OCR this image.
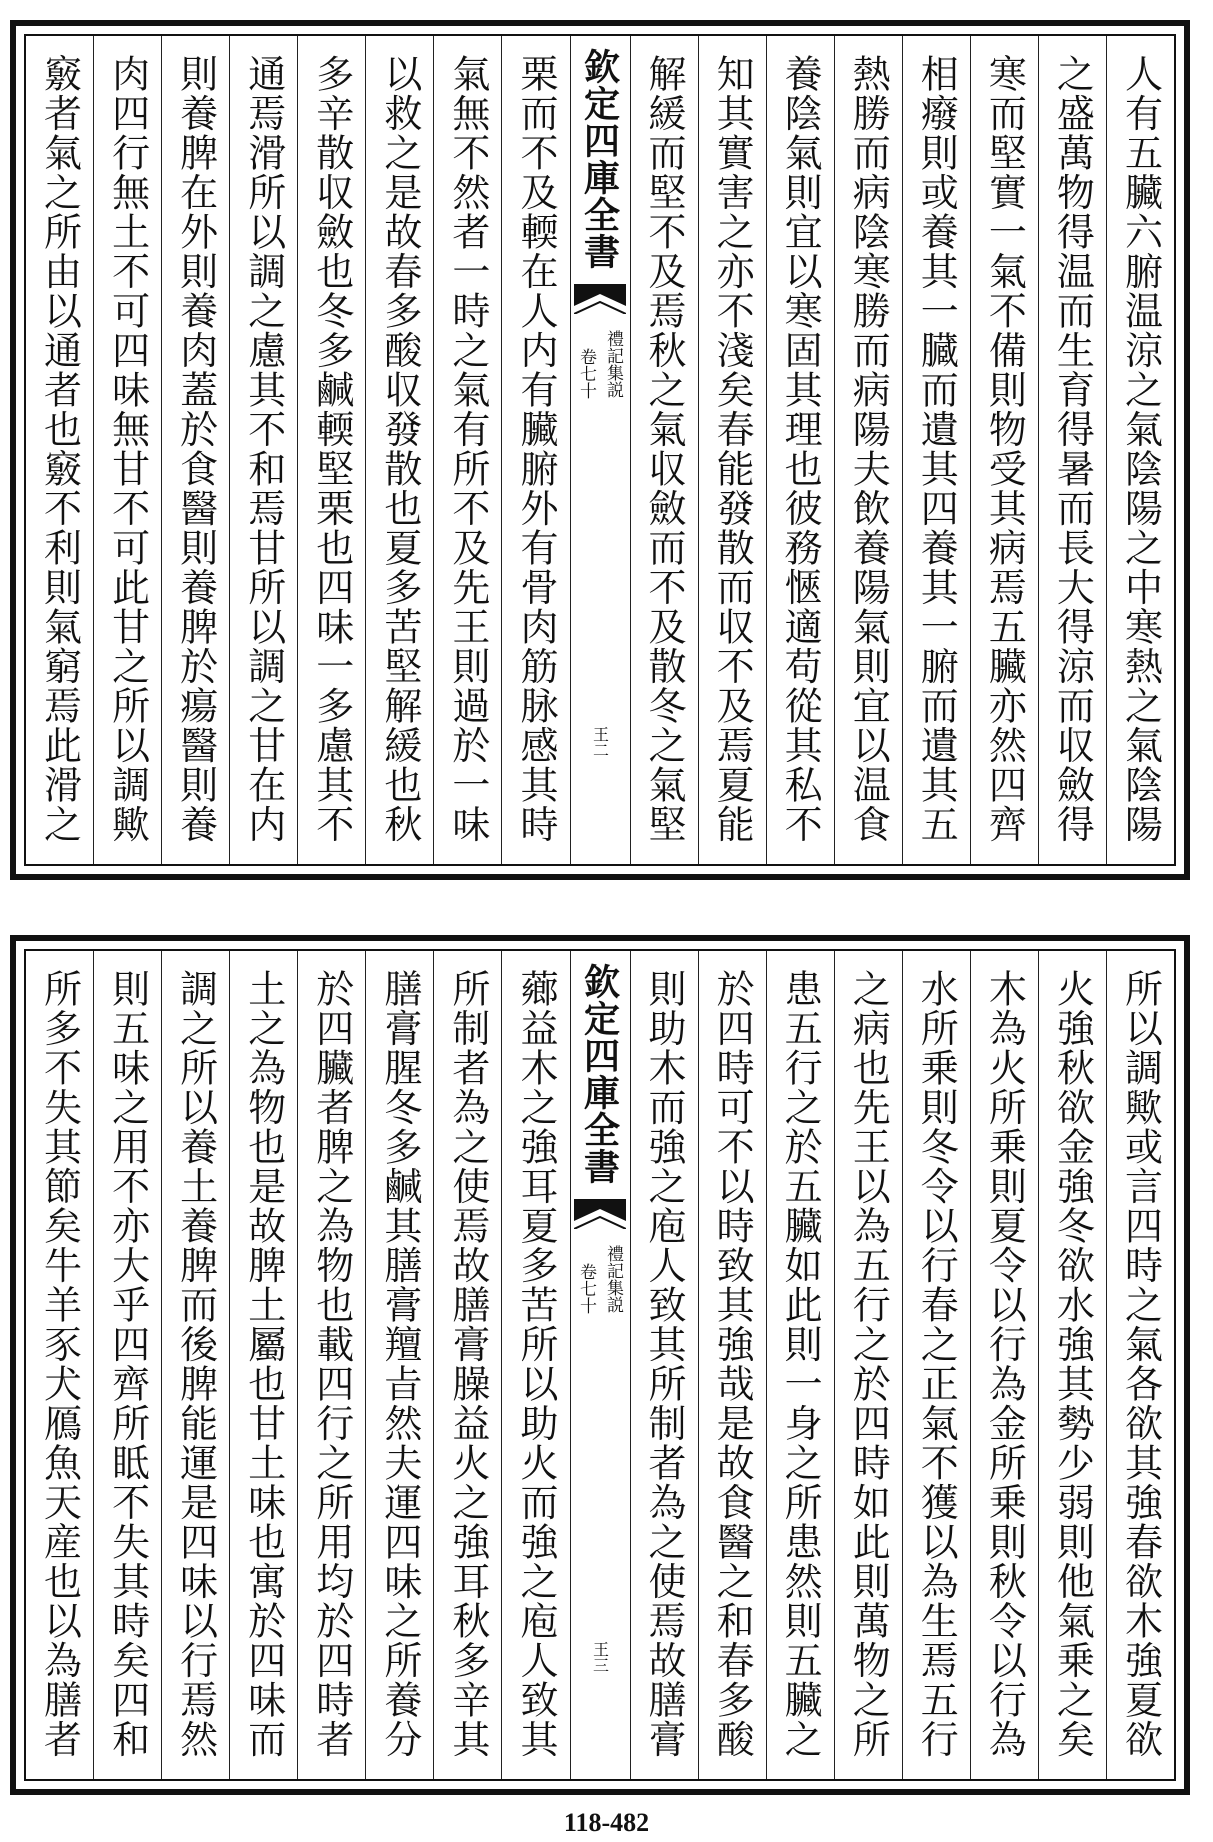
人有五臟六腑温涼之氣陰陽之中寒熱之氣陰陽
之盛萬物得温而生育得暑而長大得涼而収斂得
寒而堅實一氣不備則物受其病焉五臟亦然四齊
相癈則或養其一臓而遺其四養其一腑而遺其五
熱勝而病陰寒勝而病陽夫飲養陽氣則宜以温食
養陰氣則宜以寒固其理也彼務愜適苟從其私不
知其實害之亦不淺矣春能發散而収不及焉夏能
解緩而堅不及焉秋之氣収斂而不及散冬之氣堅
欽定四庫全書
禮記集説
卷七十
王二
栗而不及輭在人内有臟腑外有骨肉筋脉感其時
氣無不然者一時之氣有所不及先王則過於一味
以救之是故春多酸収發散也夏多苦堅解緩也秋
多辛散収斂也冬多鹹輭堅栗也四味一多慮其不
通焉滑所以調之慮其不和焉甘所以調之甘在内
則養脾在外則養肉蓋於食醫則養脾於瘍醫則養
肉四行無土不可四味無甘不可此甘之所以調歟
竅者氣之所由以通者也竅不利則氣窮焉此滑之
所以調歟或言四時之氣各欲其強春欲木強夏欲
火強秋欲金強冬欲水強其勢少弱則他氣乗之矣
木為火所乗則夏令以行為金所乗則秋令以行為
水所乗則冬令以行春之正氣不獲以為生焉五行
之病也先王以為五行之於四時如此則萬物之所
患五行之於五臟如此則一身之所患然則五臟之
於四時可不以時致其強哉是故食醫之和春多酸
則助木而強之庖人致其所制者為之使焉故膳膏
欽定四庫全書
禮記集説
卷七十
王三
薌益木之強耳夏多苦所以助火而強之庖人致其
所制者為之使焉故膳膏臊益火之強耳秋多辛其
膳膏腥冬多鹹其膳膏羶㫖然夫運四味之所養分
於四臟者脾之為物也載四行之所用均於四時者
土之為物也是故脾土屬也甘土味也寓於四味而
調之所以養土養脾而後脾能運是四味以行焉然
則五味之用不亦大乎四齊所眡不失其時矣四和
所多不失其節矣牛羊豕犬鴈魚天産也以為膳者
118-482
